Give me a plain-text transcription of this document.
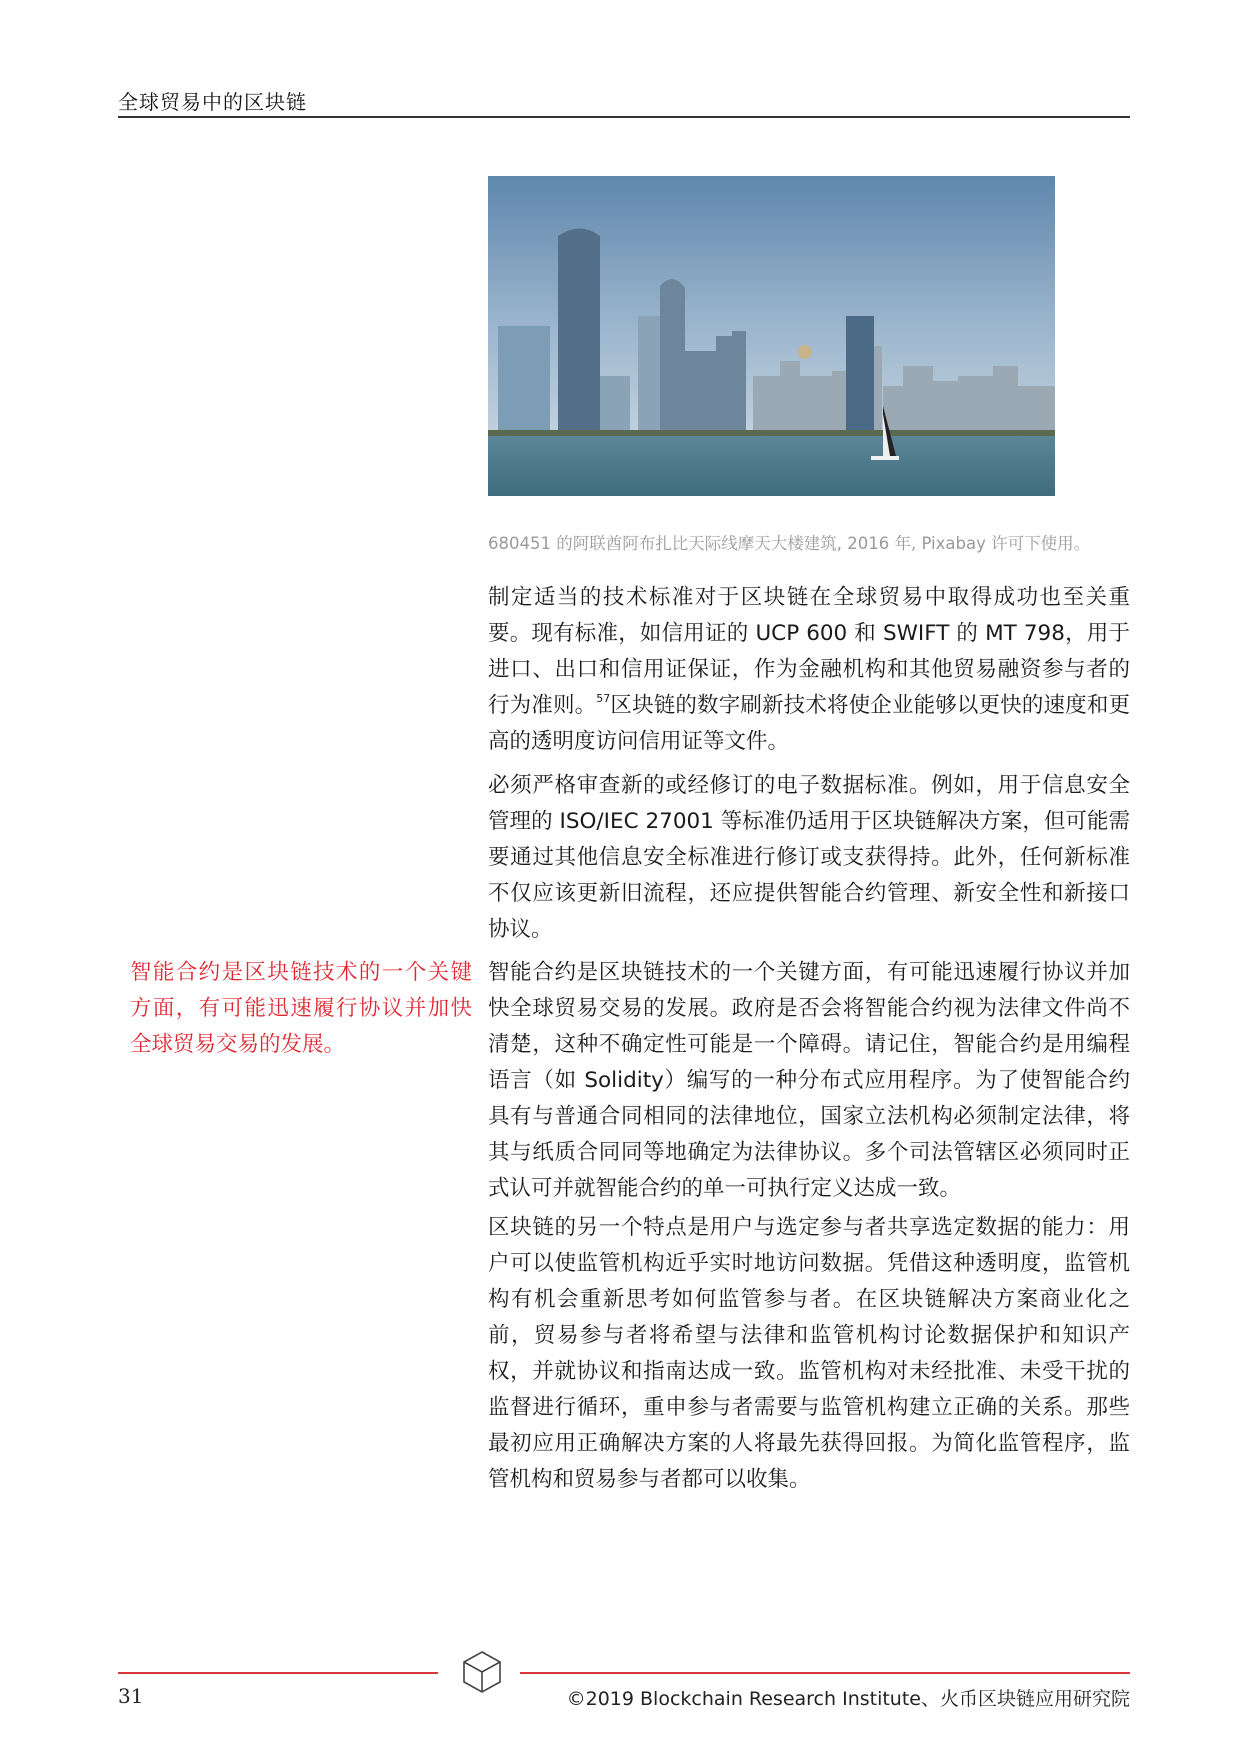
全球贸易中的区块链
680451 的阿联酋阿布扎比天际线摩天大楼建筑, 2016 年, Pixabay 许可下使用。
制定适当的技术标准对于区块链在全球贸易中取得成功也至关重要。现有标准，如信用证的 UCP 600 和 SWIFT 的 MT 798，用于进口、出口和信用证保证，作为金融机构和其他贸易融资参与者的行为准则。$^{57}$区块链的数字刷新技术将使企业能够以更快的速度和更高的透明度访问信用证等文件。
必须严格审查新的或经修订的电子数据标准。例如，用于信息安全管理的 ISO/IEC 27001 等标准仍适用于区块链解决方案，但可能需要通过其他信息安全标准进行修订或支获得持。此外，任何新标准不仅应该更新旧流程，还应提供智能合约管理、新安全性和新接口协议。
智能合约是区块链技术的一个关键方面，有可能迅速履行协议并加快全球贸易交易的发展。
智能合约是区块链技术的一个关键方面，有可能迅速履行协议并加快全球贸易交易的发展。政府是否会将智能合约视为法律文件尚不清楚，这种不确定性可能是一个障碍。请记住，智能合约是用编程语言（如 Solidity）编写的一种分布式应用程序。为了使智能合约具有与普通合同相同的法律地位，国家立法机构必须制定法律，将其与纸质合同同等地确定为法律协议。多个司法管辖区必须同时正式认可并就智能合约的单一可执行定义达成一致。
区块链的另一个特点是用户与选定参与者共享选定数据的能力：用户可以使监管机构近乎实时地访问数据。凭借这种透明度，监管机构有机会重新思考如何监管参与者。在区块链解决方案商业化之前，贸易参与者将希望与法律和监管机构讨论数据保护和知识产权，并就协议和指南达成一致。监管机构对未经批准、未受干扰的监督进行循环，重申参与者需要与监管机构建立正确的关系。那些最初应用正确解决方案的人将最先获得回报。为简化监管程序，监管机构和贸易参与者都可以收集。
31	©2019 Blockchain Research Institute、火币区块链应用研究院
